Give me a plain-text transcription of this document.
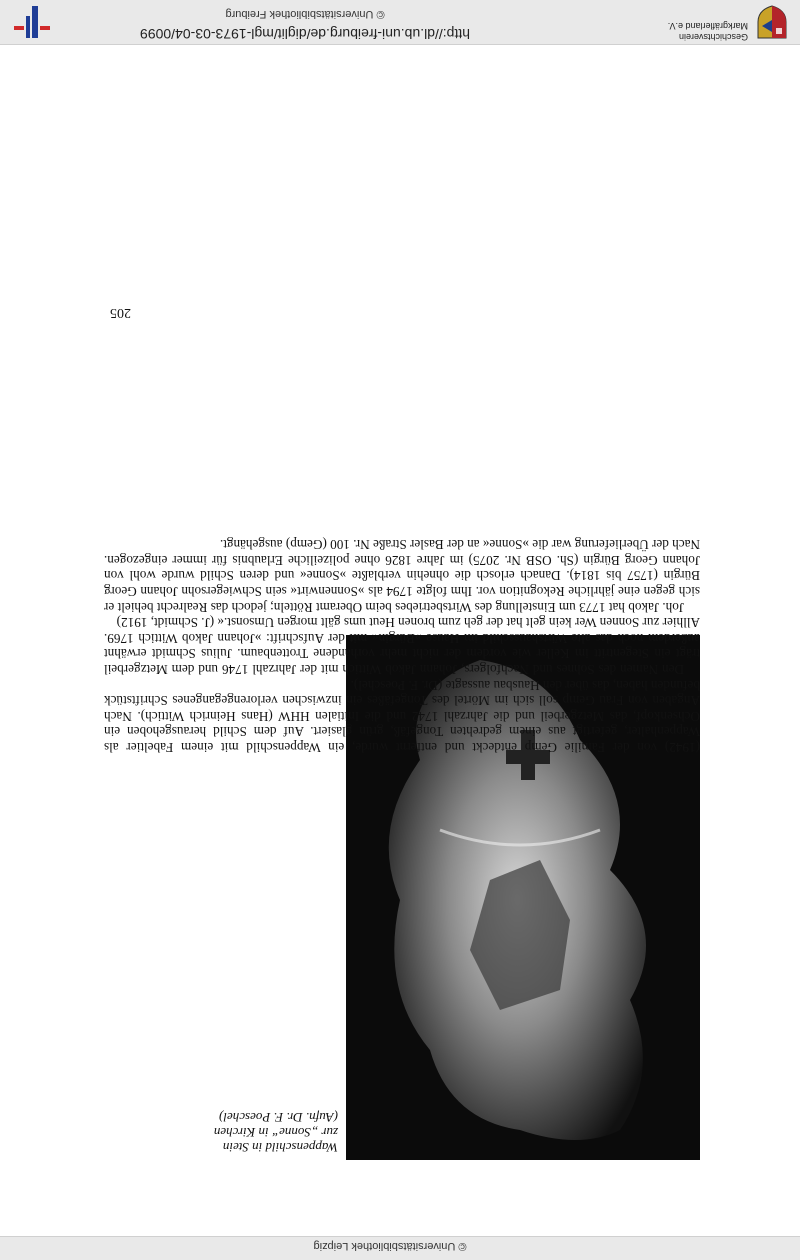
Geschichtsverein
Markgräflerland e.V.
http://dl.ub.uni-freiburg.de/diglit/mgl-1973-03-04/0099
© Universitätsbibliothek Freiburg
Wappenschild in Stein
zur „Sonne“ in Kirchen
(Aufn. Dr. F. Poeschel)

(1942) von der Familie Gemp entdeckt und entfernt wurde, ein Wappenschild mit einem Fabeltier als Wappenhalter, gefertigt aus einem gedrehten Tongefäß, grün glasiert. Auf dem Schild herausgehoben ein Ochsenkopf, das Metzgerbeil und die Jahrzahl 1742 und die Initialen HHW (Hans Heinrich Wittich). Nach Angaben von Frau Gemp soll sich im Mörtel des Tongefäßes ein inzwischen verlorengegangenes Schriftstück befunden haben, das über den Hausbau aussagte (Dr. F. Poeschel).

Den Namen des Sohnes und Nachfolgers, Johann Jakob Wittich mit der Jahrzahl 1746 und dem Metzgerbeil trägt ein Stegentritt im Keller wie vordem der nicht mehr vorhandene Trottenbaum. Julius Schmidt erwähnt außerdem noch das alte Wirtshausschild im Hause »Bürgin« mit der Aufschrift: »Johann Jakob Wittich 1769. Allhier zur Sonnen Wer kein gelt hat der geh zum bronen Heut ums gält morgen Umsonst.« (J. Schmidt, 1912)

Joh. Jakob hat 1773 um Einstellung des Wirtsbetriebes beim Oberamt Rötteln; jedoch das Realrecht behielt er sich gegen eine jährliche Rekognition vor. Ihm folgte 1794 als »Sonnenwirt« sein Schwiegersohn Johann Georg Bürgin (1757 bis 1814). Danach erlosch die ohnehin verblaßte »Sonne« und deren Schild wurde wohl von Johann Georg Bürgin (Sh. OSB Nr. 2075) im Jahre 1826 ohne polizeiliche Erlaubnis für immer eingezogen. Nach der Überlieferung war die »Sonne« an der Basler Straße Nr. 100 (Gemp) ausgehängt.

205
© Universitätsbibliothek Leipzig
